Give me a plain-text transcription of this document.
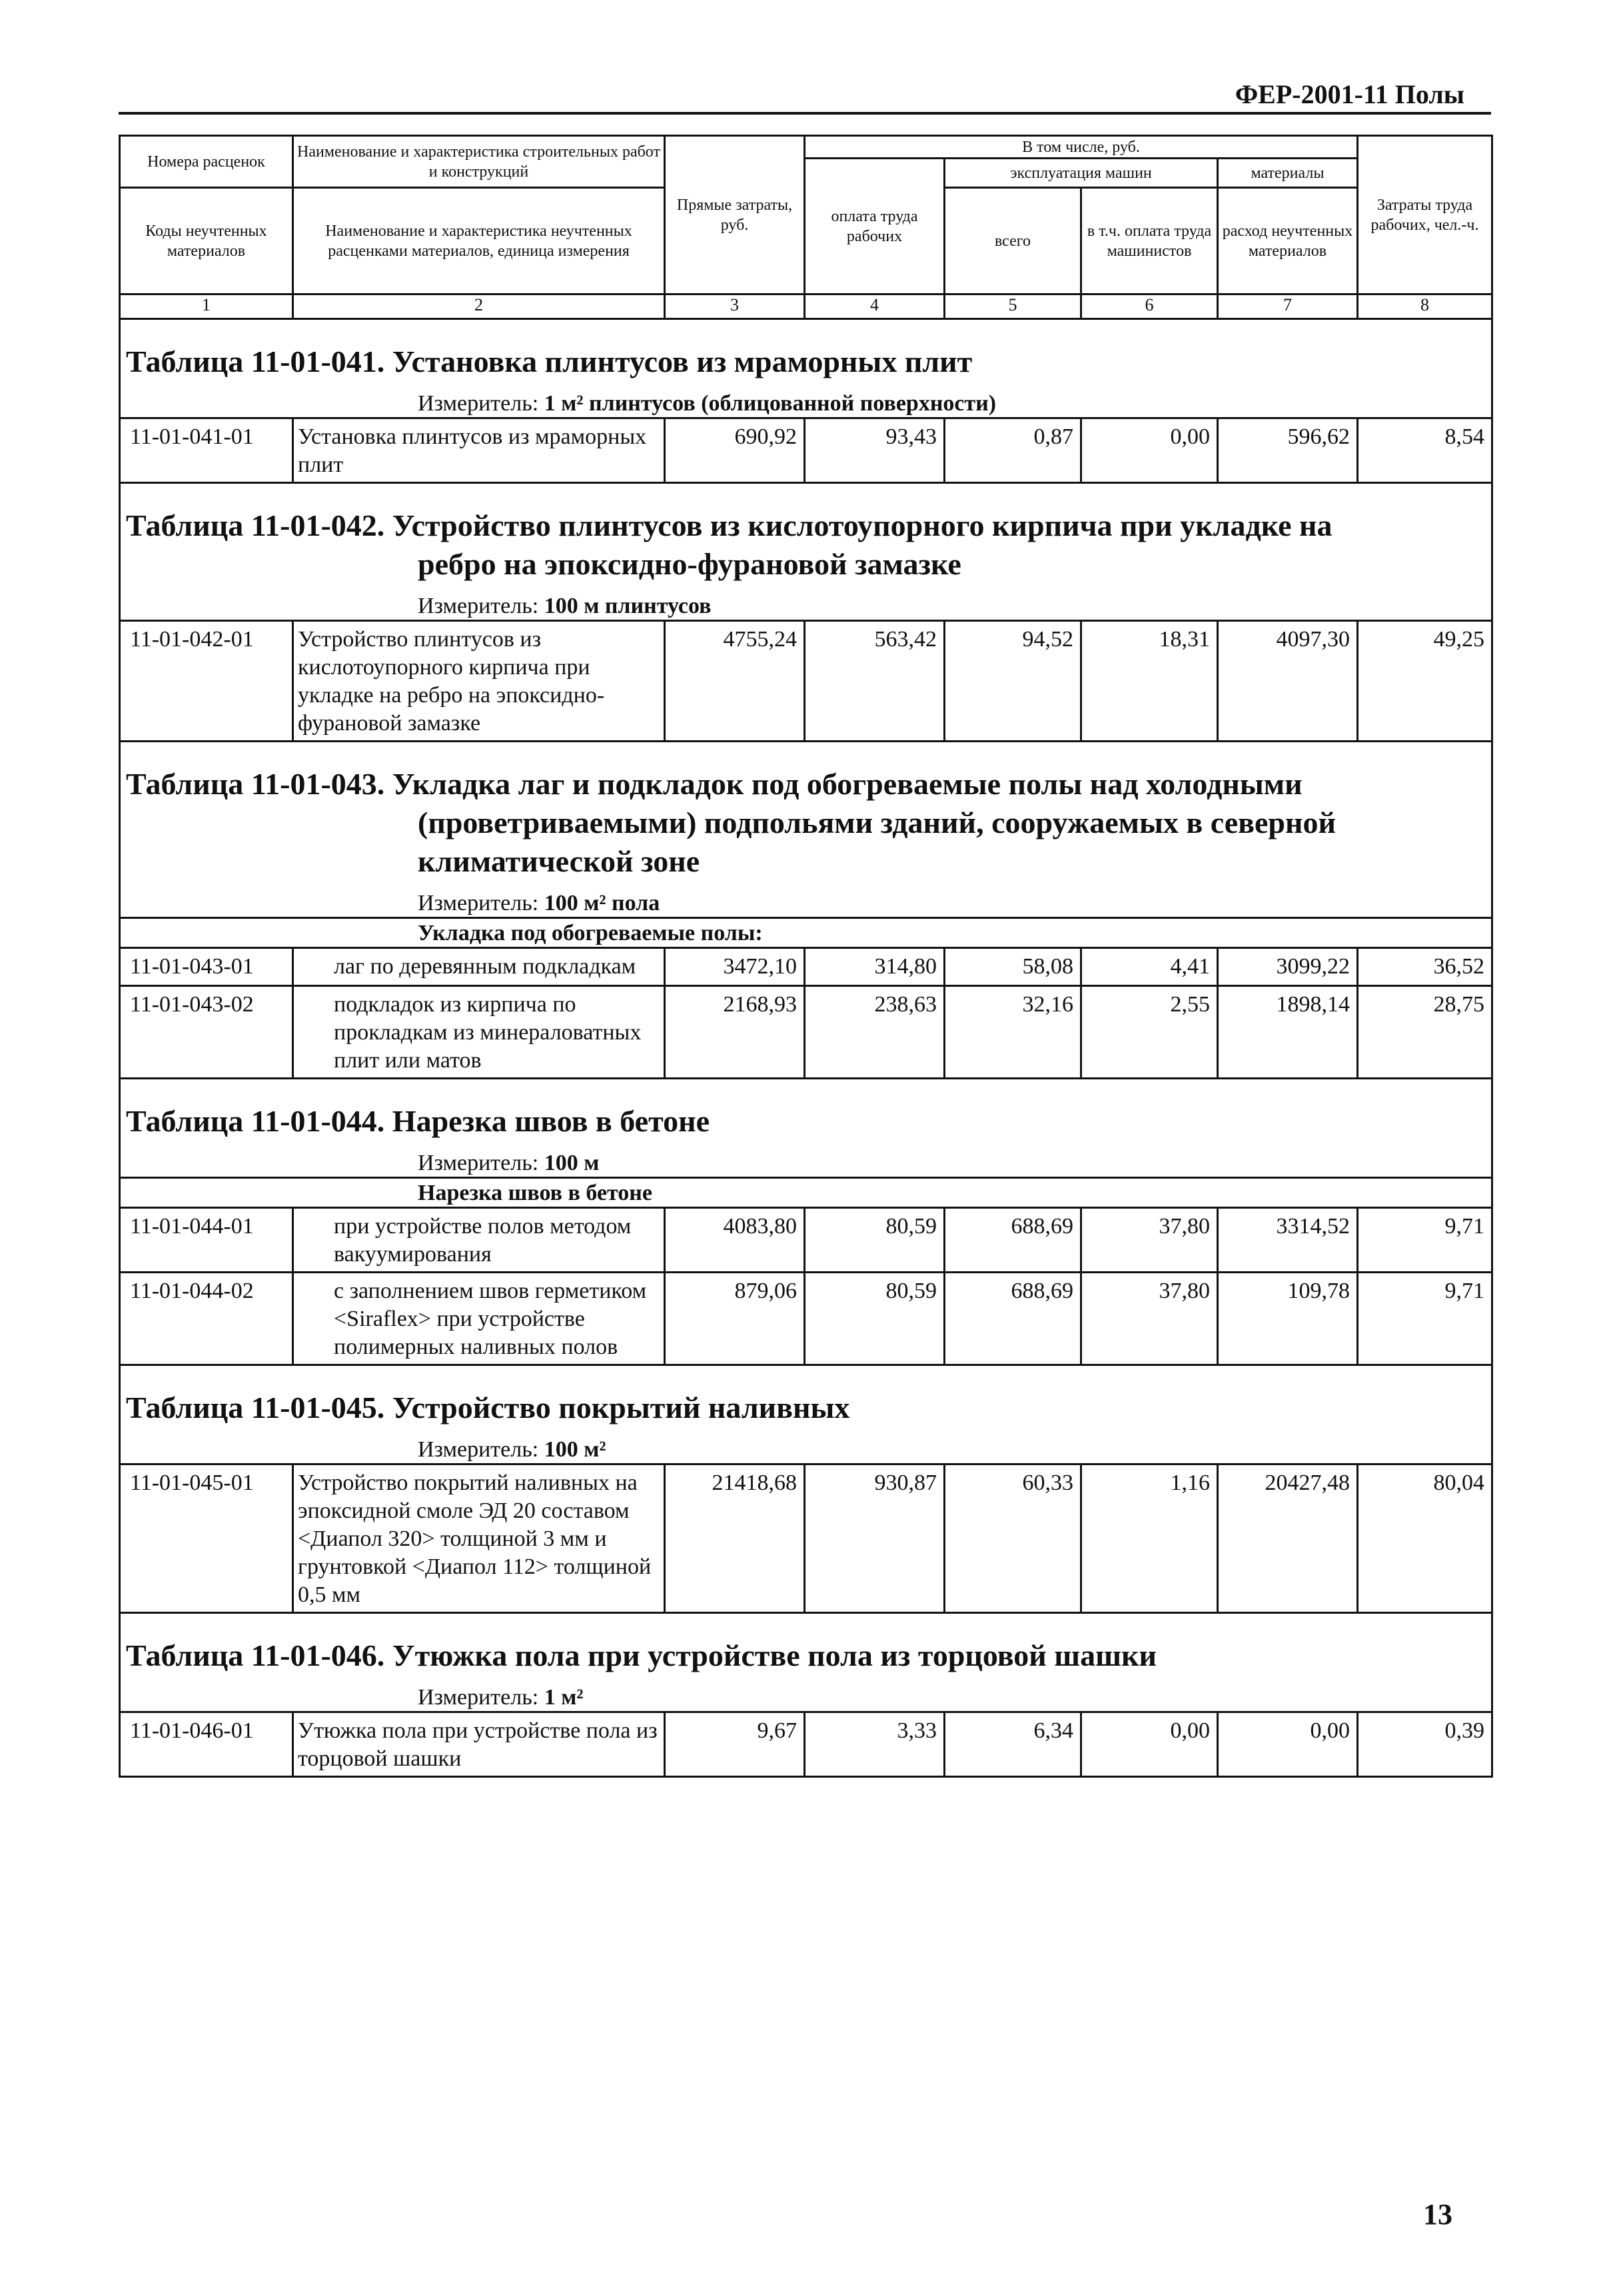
ФЕР-2001-11 Полы
Номера расценок	Наименование и характеристика строительных работ и конструкций	Прямые затраты, руб.	В том числе, руб.				Затраты труда рабочих, чел.-ч.
			оплата труда рабочих	эксплуатация машин		материалы	
Коды неучтенных материалов	Наименование и характеристика неучтенных расценками материалов, единица измерения			всего	в т.ч. оплата труда машинистов	расход неучтенных материалов	

1	2	3	4	5	6	7	8
Таблица 11-01-041. Установка плинтусов из мраморных плит							
Измеритель: 1 м² плинтусов (облицованной поверхности)							
11-01-041-01	Установка плинтусов из мраморных плит	690,92	93,43	0,87	0,00	596,62	8,54
Таблица 11-01-042. Устройство плинтусов из кислотоупорного кирпича при укладке на
ребро на эпоксидно-фурановой замазке							

Измеритель: 100 м плинтусов							
11-01-042-01	Устройство плинтусов из кислотоупорного кирпича при укладке на ребро на эпоксидно-фурановой замазке	4755,24	563,42	94,52	18,31	4097,30	49,25
Таблица 11-01-043. Укладка лаг и подкладок под обогреваемые полы над холодными
(проветриваемыми) подпольями зданий, сооружаемых в северной
климатической зоне							

Измеритель: 100 м² пола							
Укладка под обогреваемые полы:							
11-01-043-01	лаг по деревянным подкладкам	3472,10	314,80	58,08	4,41	3099,22	36,52
11-01-043-02	подкладок из кирпича по прокладкам из минераловатных плит или матов	2168,93	238,63	32,16	2,55	1898,14	28,75
Таблица 11-01-044. Нарезка швов в бетоне							
Измеритель: 100 м							
Нарезка швов в бетоне							
11-01-044-01	при устройстве полов методом вакуумирования	4083,80	80,59	688,69	37,80	3314,52	9,71
11-01-044-02	с заполнением швов герметиком <Siraflex> при устройстве полимерных наливных полов	879,06	80,59	688,69	37,80	109,78	9,71
Таблица 11-01-045. Устройство покрытий наливных							
Измеритель: 100 м²							
11-01-045-01	Устройство покрытий наливных на эпоксидной смоле ЭД 20 составом <Диапол 320> толщиной 3 мм и грунтовкой <Диапол 112> толщиной 0,5 мм	21418,68	930,87	60,33	1,16	20427,48	80,04
Таблица 11-01-046. Утюжка пола при устройстве пола из торцовой шашки							
Измеритель: 1 м²							
11-01-046-01	Утюжка пола при устройстве пола из торцовой шашки	9,67	3,33	6,34	0,00	0,00	0,39
13
